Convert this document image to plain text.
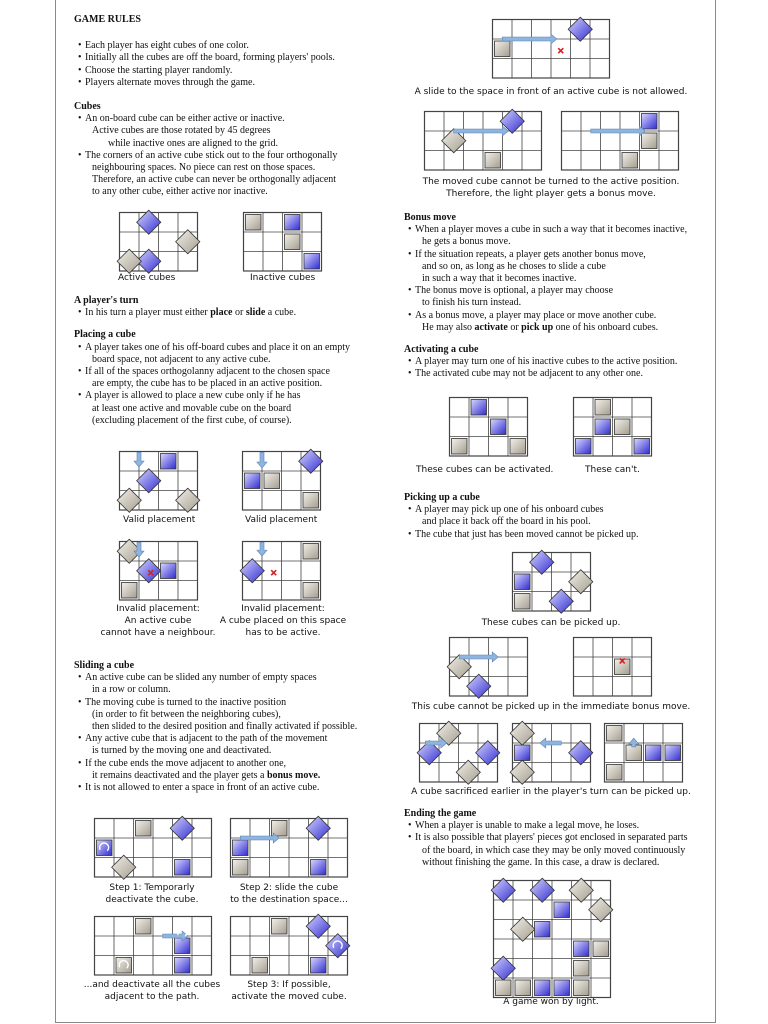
GAME RULES
• Each player has eight cubes of one color.
• Initially all the cubes are off the board, forming players' pools.
• Choose the starting player randomly.
• Players alternate moves through the game.
Cubes
• An on-board cube can be either active or inactive.
Active cubes are those rotated by 45 degrees
while inactive ones are aligned to the grid.
• The corners of an active cube stick out to the four orthogonally
neighbouring spaces. No piece can rest on those spaces.
Therefore, an active cube can never be orthogonally adjacent
to any other cube, either active nor inactive.
A player's turn
• In his turn a player must either place or slide a cube.
Placing a cube
• A player takes one of his off-board cubes and place it on an empty
board space, not adjacent to any active cube.
• If all of the spaces orthogolanny adjacent to the chosen space
are empty, the cube has to be placed in an active position.
• A player is allowed to place a new cube only if he has
at least one active and movable cube on the board
(excluding placement of the first cube, of course).
Sliding a cube
• An active cube can be slided any number of empty spaces
in a row or column.
• The moving cube is turned to the inactive position
(in order to fit between the neighboring cubes),
then slided to the desired position and finally activated if possible.
• Any active cube that is adjacent to the path of the movement
is turned by the moving one and deactivated.
• If the cube ends the move adjacent to another one,
it remains deactivated and the player gets a bonus move.
• It is not allowed to enter a space in front of an active cube.
Bonus move
• When a player moves a cube in such a way that it becomes inactive,
he gets a bonus move.
• If the situation repeats, a player gets another bonus move,
and so on, as long as he choses to slide a cube
in such a way that it becomes inactive.
• The bonus move is optional, a player may choose
to finish his turn instead.
• As a bonus move, a player may place or move another cube.
He may also activate or pick up one of his onboard cubes.
Activating a cube
• A player may turn one of his inactive cubes to the active position.
• The activated cube may not be adjacent to any other one.
Picking up a cube
• A player may pick up one of his onboard cubes
and place it back off the board in his pool.
• The cube that just has been moved cannot be picked up.
Ending the game
• When a player is unable to make a legal move, he loses.
• It is also possible that players' pieces got enclosed in separated parts
of the board, in which case they may be only moved continuously
without finishing the game. In this case, a draw is declared.
Active cubes	Inactive cubes
Valid placement	Valid placement
Invalid placement:
An active cube
cannot have a neighbour.
Invalid placement:
A cube placed on this space
has to be active.
Step 1: Temporarly
deactivate the cube.
Step 2: slide the cube
to the destination space...
...and deactivate all the cubes
adjacent to the path.
Step 3: If possible,
activate the moved cube.
A slide to the space in front of an active cube is not allowed.
The moved cube cannot be turned to the active position.
Therefore, the light player gets a bonus move.
These cubes can be activated.	These can't.
These cubes can be picked up.
This cube cannot be picked up in the immediate bonus move.
A cube sacrificed earlier in the player's turn can be picked up.
A game won by light.
